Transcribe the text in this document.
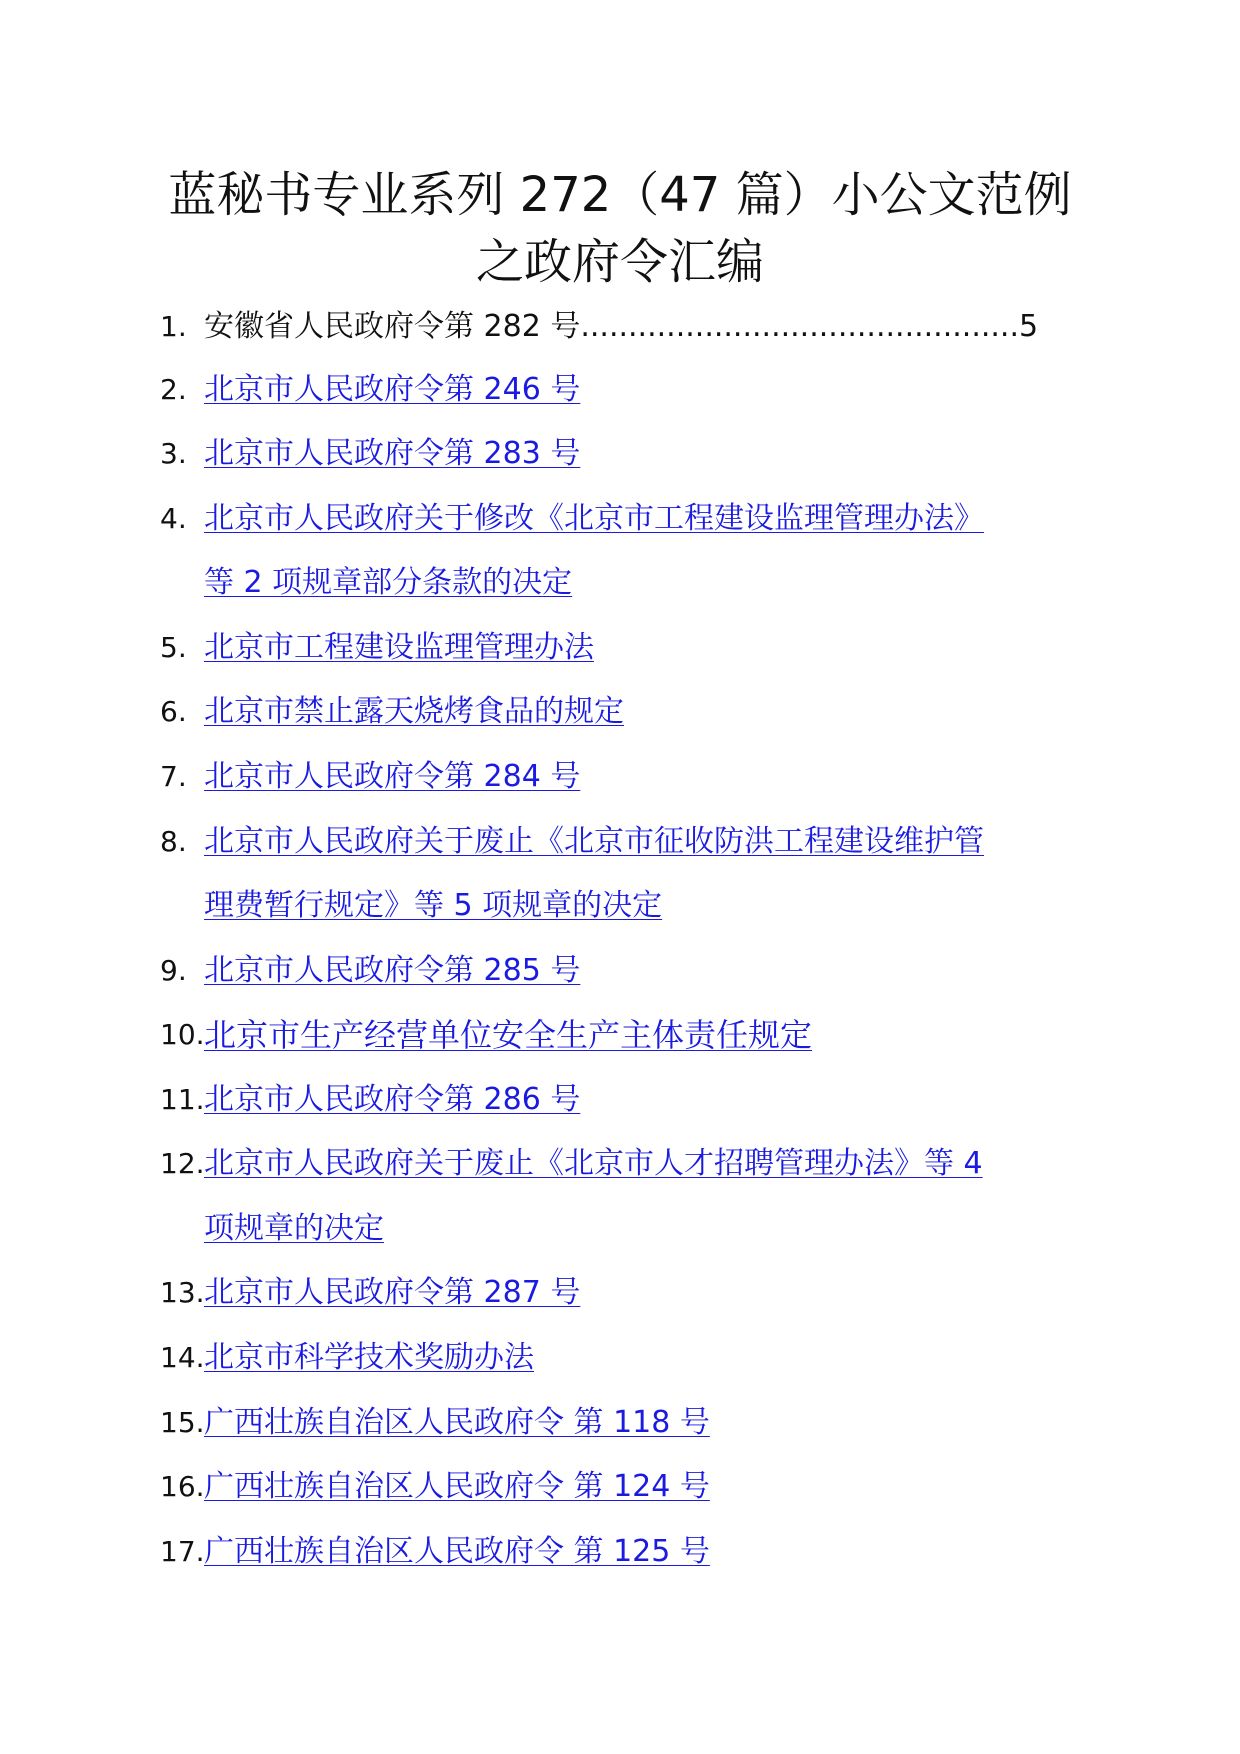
蓝秘书专业系列 272（47 篇）小公文范例
之政府令汇编
1. 安徽省人民政府令第 282 号..............................................5
2. 北京市人民政府令第 246 号
3. 北京市人民政府令第 283 号
4. 北京市人民政府关于修改《北京市工程建设监理管理办法》
等 2 项规章部分条款的决定
5. 北京市工程建设监理管理办法
6. 北京市禁止露天烧烤食品的规定
7. 北京市人民政府令第 284 号
8. 北京市人民政府关于废止《北京市征收防洪工程建设维护管
理费暂行规定》等 5 项规章的决定
9. 北京市人民政府令第 285 号
10. 北京市生产经营单位安全生产主体责任规定
11. 北京市人民政府令第 286 号
12. 北京市人民政府关于废止《北京市人才招聘管理办法》等 4
项规章的决定
13. 北京市人民政府令第 287 号
14. 北京市科学技术奖励办法
15. 广西壮族自治区人民政府令 第 118 号
16. 广西壮族自治区人民政府令 第 124 号
17. 广西壮族自治区人民政府令 第 125 号
